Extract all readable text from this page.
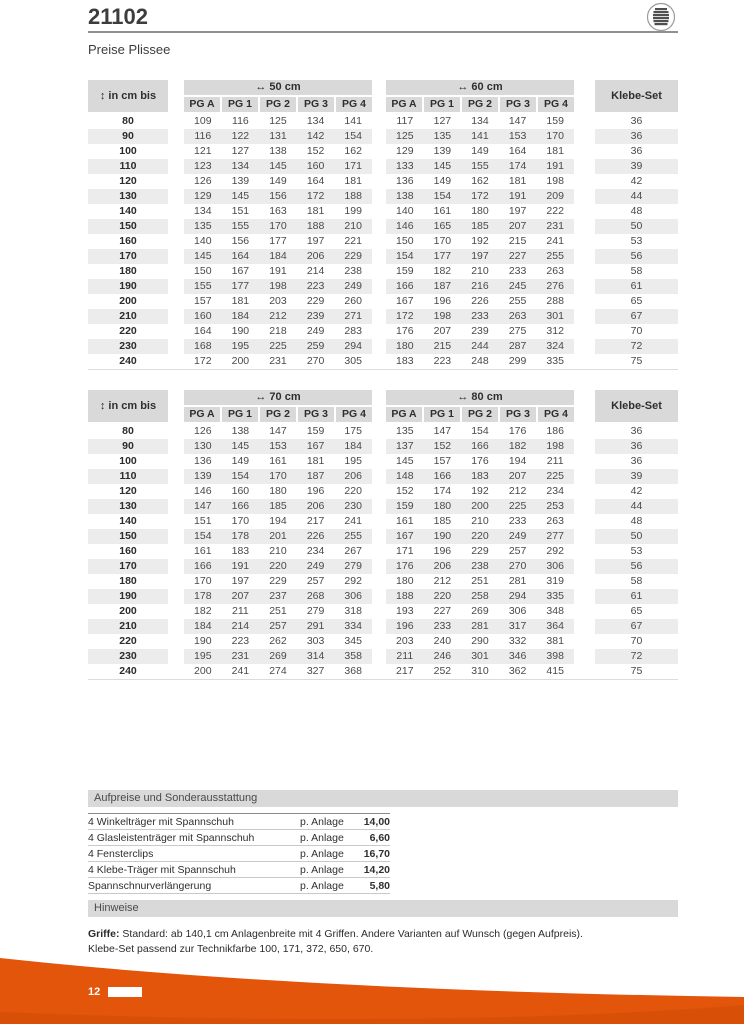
21102
Preise Plissee
↕ in cm bis
↔ 50 cm
PG A	PG 1	PG 2	PG 3	PG 4
↔ 60 cm
PG A	PG 1	PG 2	PG 3	PG 4
Klebe-Set
80	109	116	125	134	141	117	127	134	147	159	36
90	116	122	131	142	154	125	135	141	153	170	36
100	121	127	138	152	162	129	139	149	164	181	36
110	123	134	145	160	171	133	145	155	174	191	39
120	126	139	149	164	181	136	149	162	181	198	42
130	129	145	156	172	188	138	154	172	191	209	44
140	134	151	163	181	199	140	161	180	197	222	48
150	135	155	170	188	210	146	165	185	207	231	50
160	140	156	177	197	221	150	170	192	215	241	53
170	145	164	184	206	229	154	177	197	227	255	56
180	150	167	191	214	238	159	182	210	233	263	58
190	155	177	198	223	249	166	187	216	245	276	61
200	157	181	203	229	260	167	196	226	255	288	65
210	160	184	212	239	271	172	198	233	263	301	67
220	164	190	218	249	283	176	207	239	275	312	70
230	168	195	225	259	294	180	215	244	287	324	72
240	172	200	231	270	305	183	223	248	299	335	75
↕ in cm bis
↔ 70 cm
PG A	PG 1	PG 2	PG 3	PG 4
↔ 80 cm
PG A	PG 1	PG 2	PG 3	PG 4
Klebe-Set
80	126	138	147	159	175	135	147	154	176	186	36
90	130	145	153	167	184	137	152	166	182	198	36
100	136	149	161	181	195	145	157	176	194	211	36
110	139	154	170	187	206	148	166	183	207	225	39
120	146	160	180	196	220	152	174	192	212	234	42
130	147	166	185	206	230	159	180	200	225	253	44
140	151	170	194	217	241	161	185	210	233	263	48
150	154	178	201	226	255	167	190	220	249	277	50
160	161	183	210	234	267	171	196	229	257	292	53
170	166	191	220	249	279	176	206	238	270	306	56
180	170	197	229	257	292	180	212	251	281	319	58
190	178	207	237	268	306	188	220	258	294	335	61
200	182	211	251	279	318	193	227	269	306	348	65
210	184	214	257	291	334	196	233	281	317	364	67
220	190	223	262	303	345	203	240	290	332	381	70
230	195	231	269	314	358	211	246	301	346	398	72
240	200	241	274	327	368	217	252	310	362	415	75
Aufpreise und Sonderausstattung
4 Winkelträger mit Spannschuh	p. Anlage	14,00
4 Glasleistenträger mit Spannschuh	p. Anlage	6,60
4 Fensterclips	p. Anlage	16,70
4 Klebe-Träger mit Spannschuh	p. Anlage	14,20
Spannschnurverlängerung	p. Anlage	5,80
Hinweise
Griffe: Standard: ab 140,1 cm Anlagenbreite mit 4 Griffen. Andere Varianten auf Wunsch (gegen Aufpreis).
Klebe-Set passend zur Technikfarbe 100, 171, 372, 650, 670.
12
